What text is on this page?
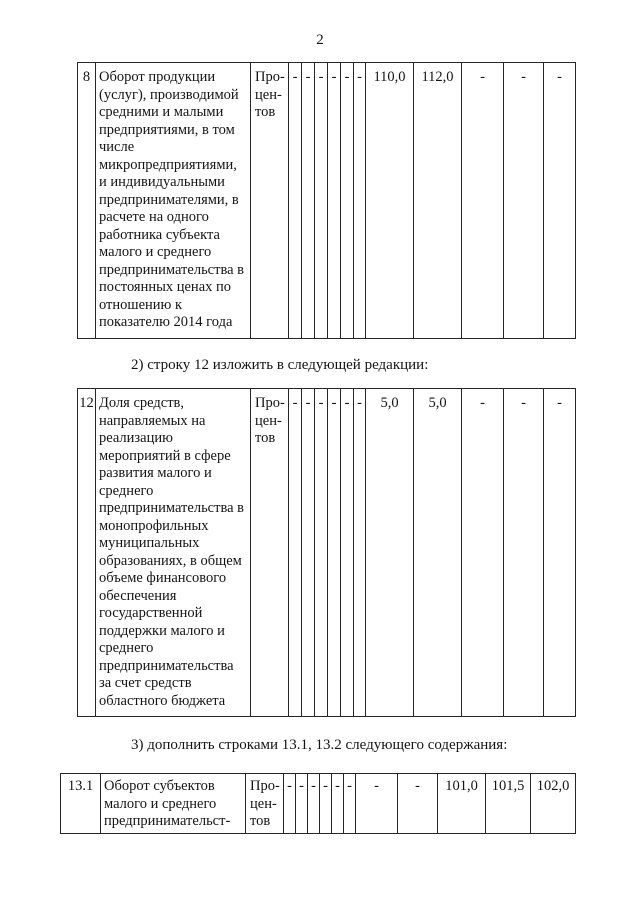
2
8	Оборот продукции
(услуг), производимой
средними и малыми
предприятиями, в том
числе
микропредприятиями,
и индивидуальными
предпринимателями, в
расчете на одного
работника субъекта
малого и среднего
предпринимательства в
постоянных ценах по
отношению к
показателю 2014 года

Про-
цен-
тов
	-	-	-	-	-	-	110,0	112,0	-	-	-
2) строку 12 изложить в следующей редакции:
12	Доля средств,
направляемых на
реализацию
мероприятий в сфере
развития малого и
среднего
предпринимательства в
монопрофильных
муниципальных
образованиях, в общем
объеме финансового
обеспечения
государственной
поддержки малого и
среднего
предпринимательства
за счет средств
областного бюджета

Про-
цен-
тов
	-	-	-	-	-	-	5,0	5,0	-	-	-
3) дополнить строками 13.1, 13.2 следующего содержания:
13.1	Оборот субъектов
малого и среднего
предпринимательст-

Про-
цен-
тов
	-	-	-	-	-	-	-	-	101,0	101,5	102,0
